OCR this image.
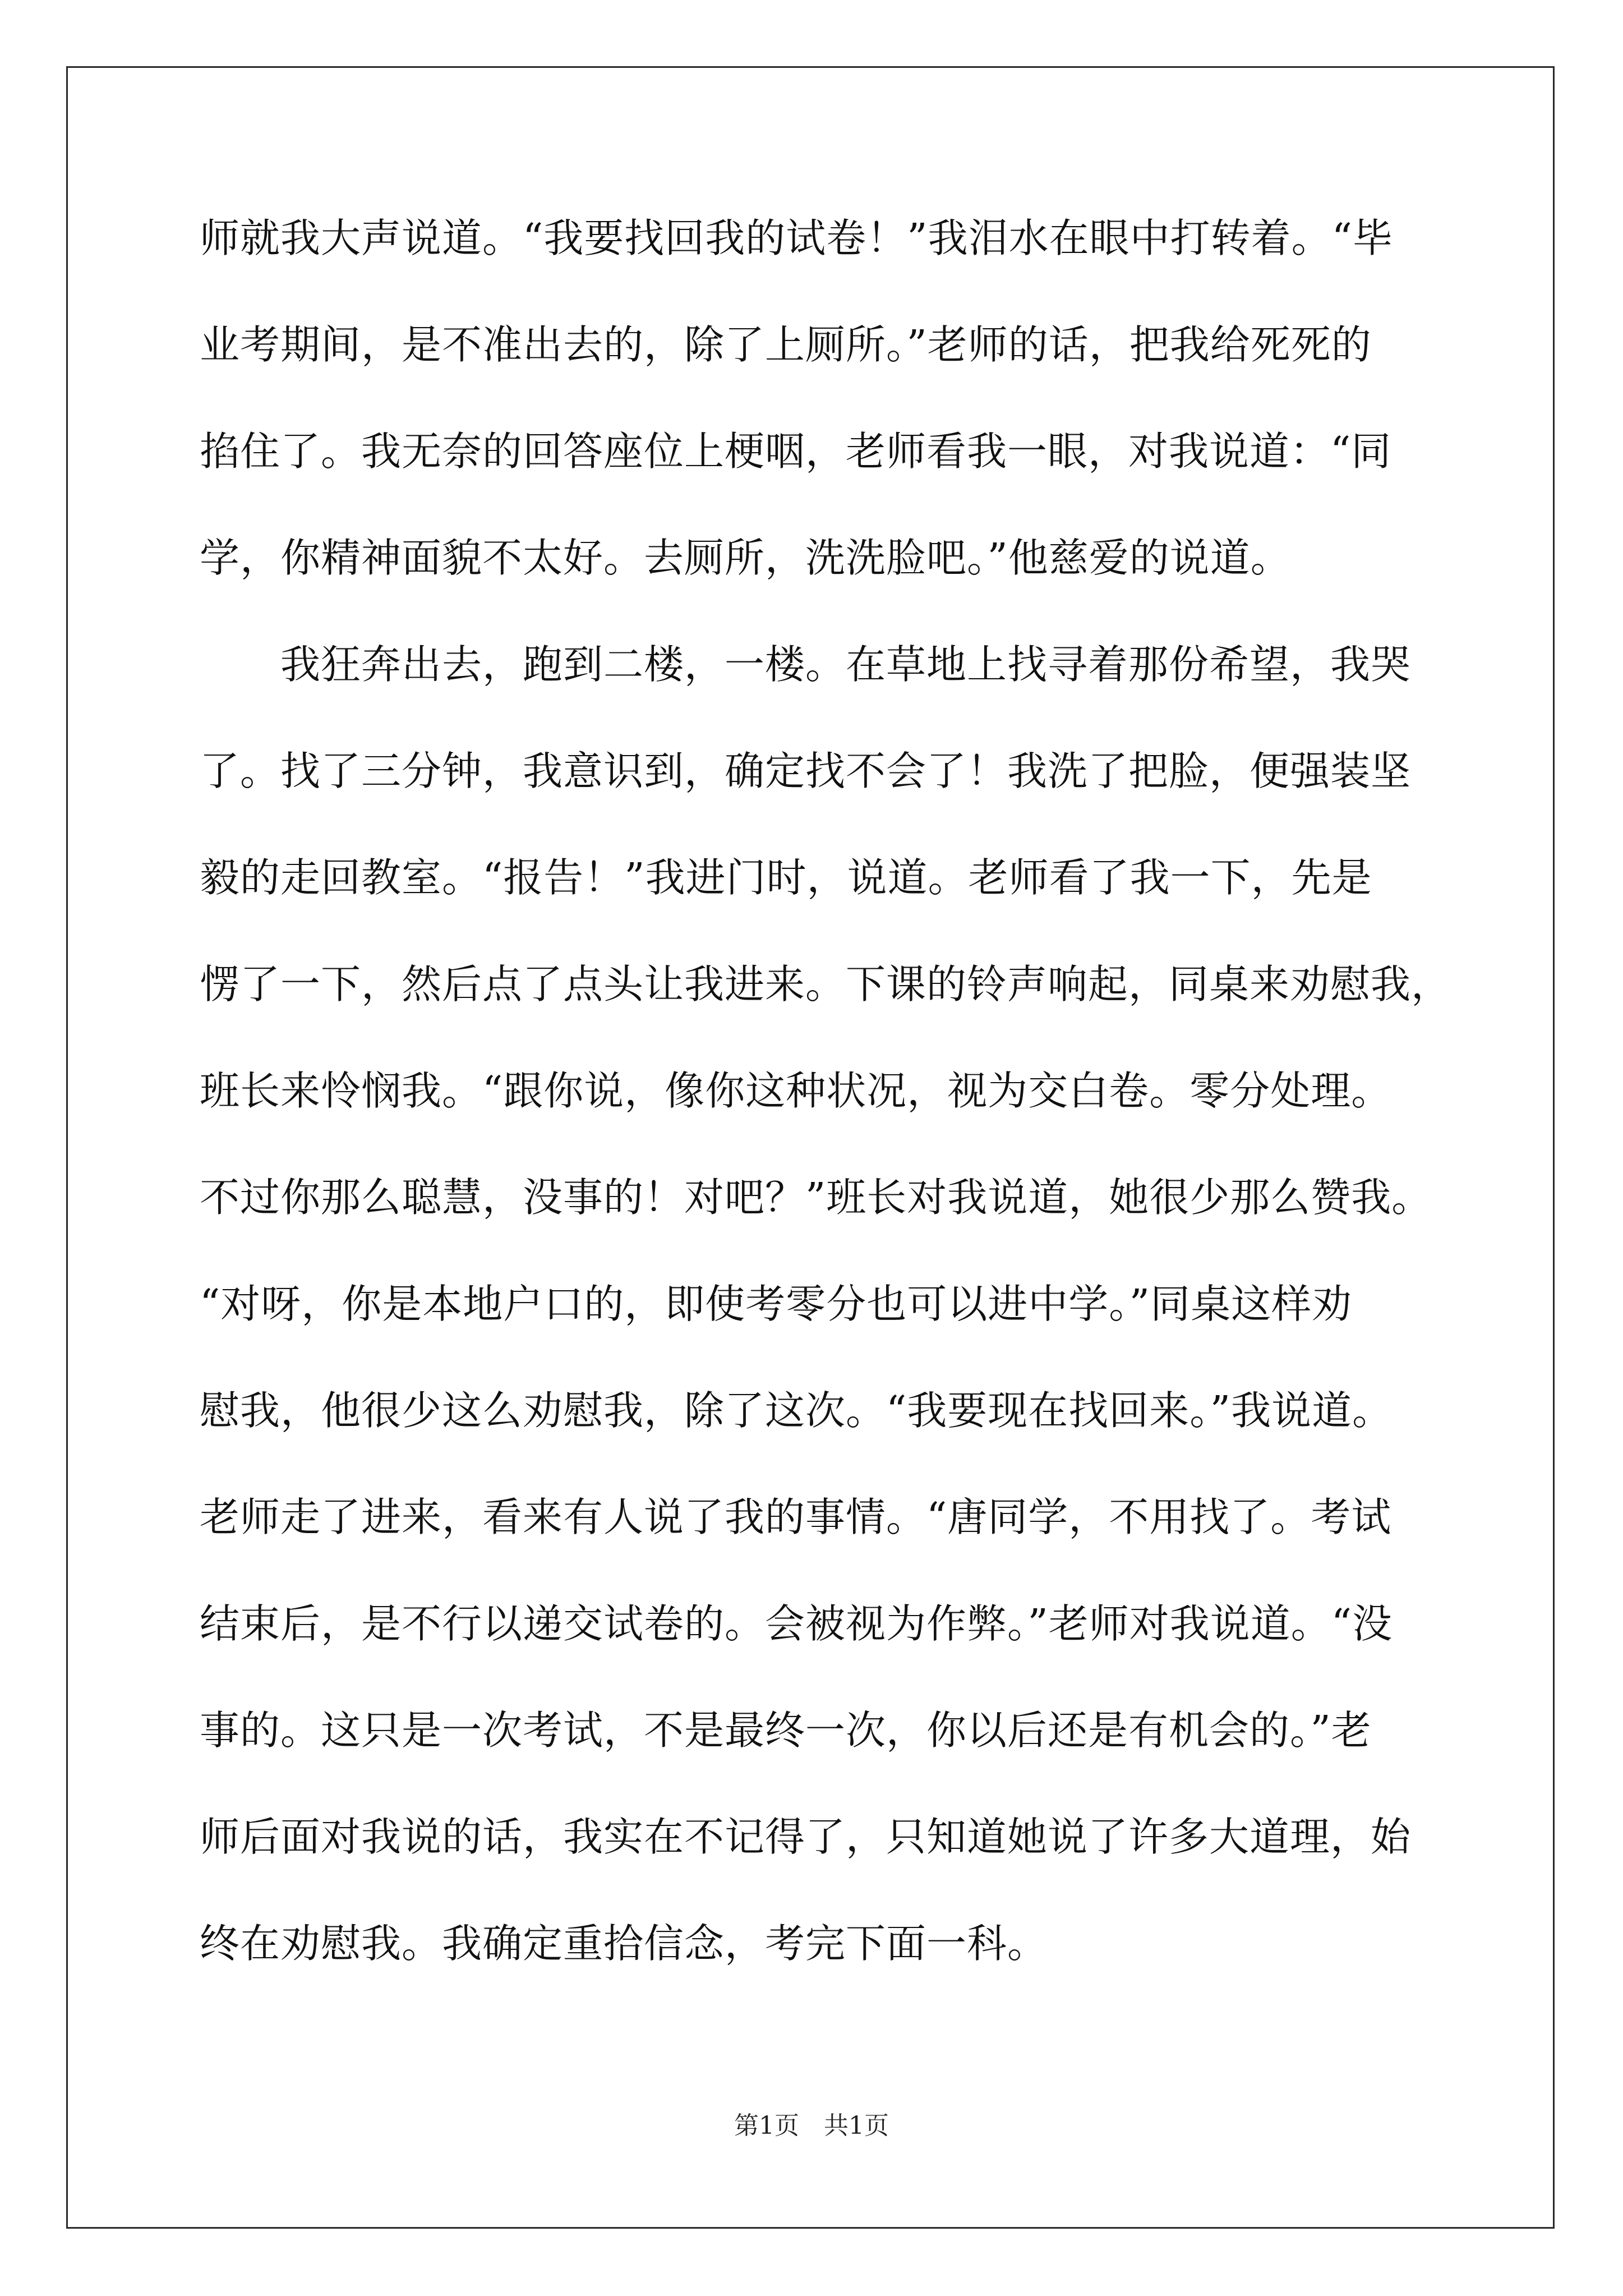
师就我大声说道。“我要找回我的试卷！”我泪水在眼中打转着。“毕

业考期间，是不准出去的，除了上厕所。”老师的话，把我给死死的

掐住了。我无奈的回答座位上梗咽，老师看我一眼，对我说道：“同

学，你精神面貌不太好。去厕所，洗洗脸吧。”他慈爱的说道。

　　我狂奔出去，跑到二楼，一楼。在草地上找寻着那份希望，我哭

了。找了三分钟，我意识到，确定找不会了！我洗了把脸，便强装坚

毅的走回教室。“报告！”我进门时，说道。老师看了我一下，先是

愣了一下，然后点了点头让我进来。下课的铃声响起，同桌来劝慰我，

班长来怜悯我。“跟你说，像你这种状况，视为交白卷。零分处理。

不过你那么聪慧，没事的！对吧？”班长对我说道，她很少那么赞我。

“对呀，你是本地户口的，即使考零分也可以进中学。”同桌这样劝

慰我，他很少这么劝慰我，除了这次。“我要现在找回来。”我说道。

老师走了进来，看来有人说了我的事情。“唐同学，不用找了。考试

结束后，是不行以递交试卷的。会被视为作弊。”老师对我说道。“没

事的。这只是一次考试，不是最终一次，你以后还是有机会的。”老

师后面对我说的话，我实在不记得了，只知道她说了许多大道理，始

终在劝慰我。我确定重拾信念，考完下面一科。

第1页　共1页
